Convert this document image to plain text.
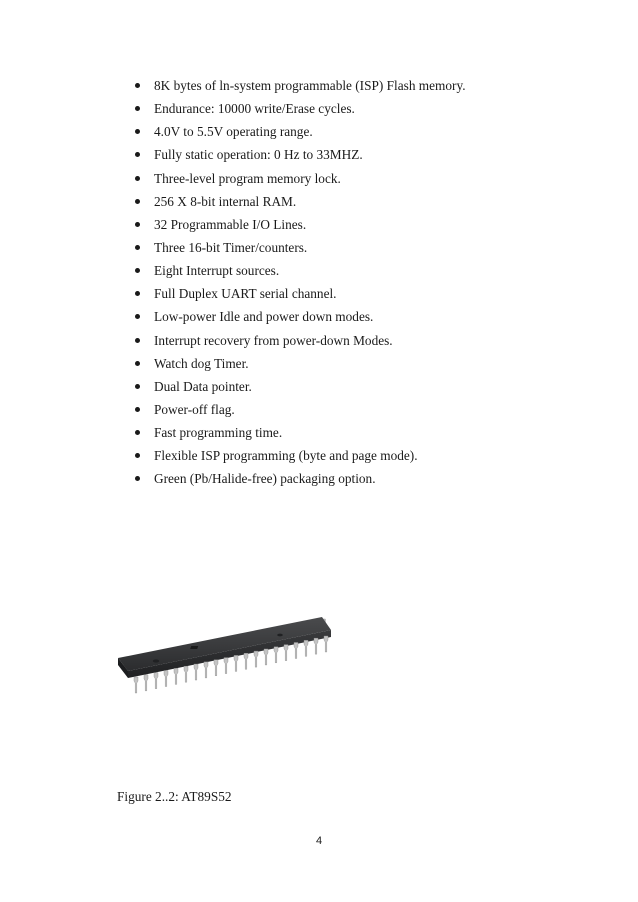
8K bytes of ln-system programmable (ISP) Flash memory.
Endurance: 10000 write/Erase cycles.
4.0V to 5.5V operating range.
Fully static operation: 0 Hz to 33MHZ.
Three-level program memory lock.
256 X 8-bit internal RAM.
32 Programmable I/O Lines.
Three 16-bit Timer/counters.
Eight Interrupt sources.
Full Duplex UART serial channel.
Low-power Idle and power down modes.
Interrupt recovery from power-down Modes.
Watch dog Timer.
Dual Data pointer.
Power-off flag.
Fast programming time.
Flexible ISP programming (byte and page mode).
Green (Pb/Halide-free) packaging option.
Figure 2..2: AT89S52
4
